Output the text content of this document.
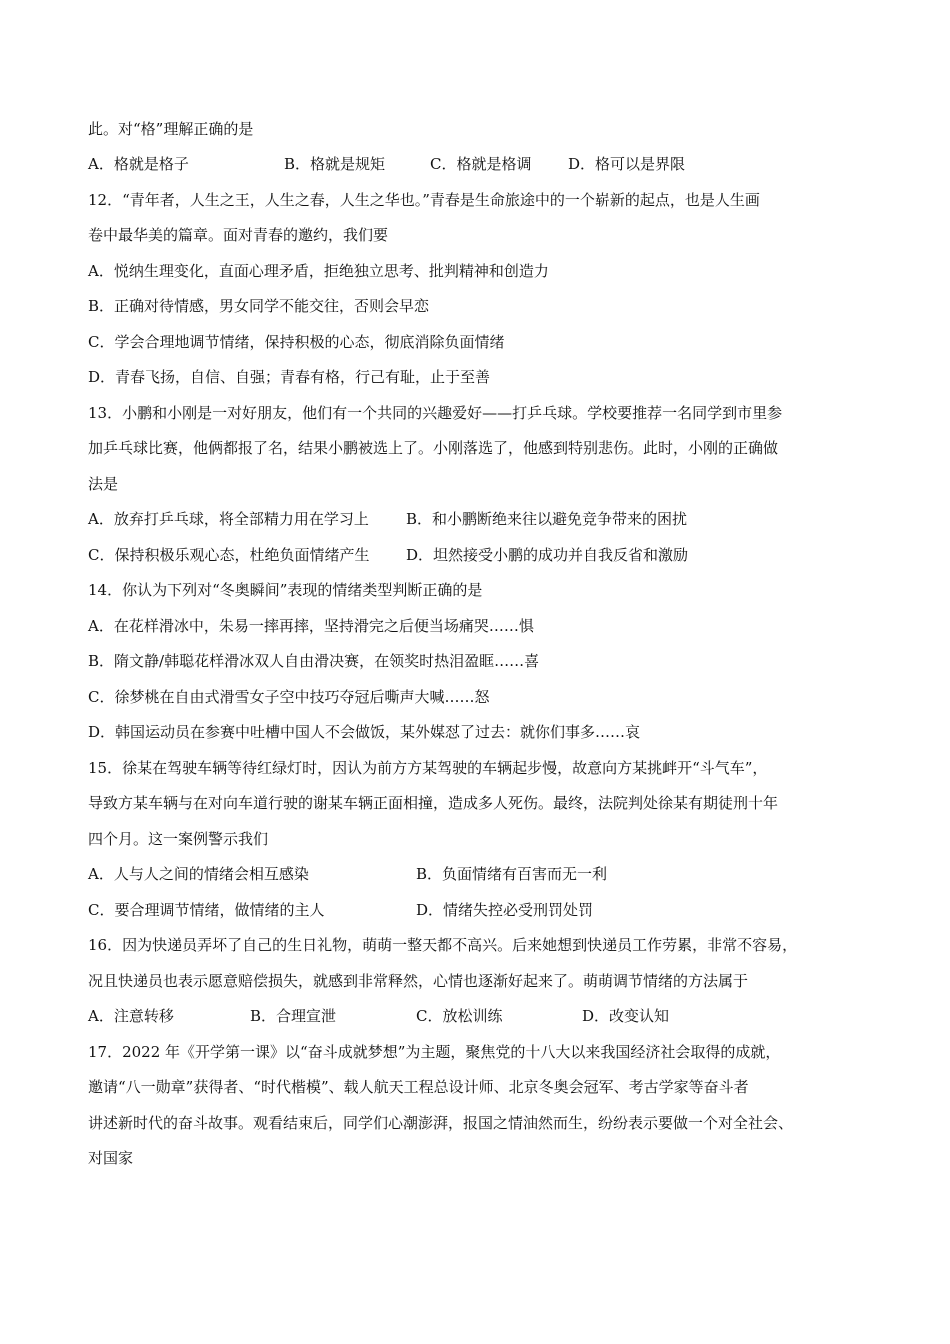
此。对“格”理解正确的是
A．格就是格子	B．格就是规矩	C．格就是格调 D．格可以是界限
12．“青年者，人生之王，人生之春，人生之华也。”青春是生命旅途中的一个崭新的起点，也是人生画
卷中最华美的篇章。面对青春的邀约，我们要
A．悦纳生理变化，直面心理矛盾，拒绝独立思考、批判精神和创造力
B．正确对待情感，男女同学不能交往，否则会早恋
C．学会合理地调节情绪，保持积极的心态，彻底消除负面情绪
D．青春飞扬，自信、自强；青春有格，行己有耻，止于至善
13．小鹏和小刚是一对好朋友，他们有一个共同的兴趣爱好——打乒乓球。学校要推荐一名同学到市里参
加乒乓球比赛，他俩都报了名，结果小鹏被选上了。小刚落选了，他感到特别悲伤。此时，小刚的正确做
法是
A．放弃打乒乓球，将全部精力用在学习上 B．和小鹏断绝来往以避免竞争带来的困扰
C．保持积极乐观心态，杜绝负面情绪产生 D．坦然接受小鹏的成功并自我反省和激励
14．你认为下列对“冬奥瞬间”表现的情绪类型判断正确的是
A．在花样滑冰中，朱易一摔再摔，坚持滑完之后便当场痛哭……惧
B．隋文静/韩聪花样滑冰双人自由滑决赛，在领奖时热泪盈眶……喜
C．徐梦桃在自由式滑雪女子空中技巧夺冠后嘶声大喊……怒
D．韩国运动员在参赛中吐槽中国人不会做饭，某外媒怼了过去：就你们事多……哀
15．徐某在驾驶车辆等待红绿灯时，因认为前方方某驾驶的车辆起步慢，故意向方某挑衅开“斗气车”，
导致方某车辆与在对向车道行驶的谢某车辆正面相撞，造成多人死伤。最终，法院判处徐某有期徒刑十年
四个月。这一案例警示我们
A．人与人之间的情绪会相互感染	B．负面情绪有百害而无一利
C．要合理调节情绪，做情绪的主人	D．情绪失控必受刑罚处罚
16．因为快递员弄坏了自己的生日礼物，萌萌一整天都不高兴。后来她想到快递员工作劳累，非常不容易，
况且快递员也表示愿意赔偿损失，就感到非常释然，心情也逐渐好起来了。萌萌调节情绪的方法属于
A．注意转移	B．合理宣泄	C．放松训练	D．改变认知
17．2022 年《开学第一课》以“奋斗成就梦想”为主题，聚焦党的十八大以来我国经济社会取得的成就，
邀请“八一勋章”获得者、“时代楷模”、载人航天工程总设计师、北京冬奥会冠军、考古学家等奋斗者
讲述新时代的奋斗故事。观看结束后，同学们心潮澎湃，报国之情油然而生，纷纷表示要做一个对全社会、
对国家
